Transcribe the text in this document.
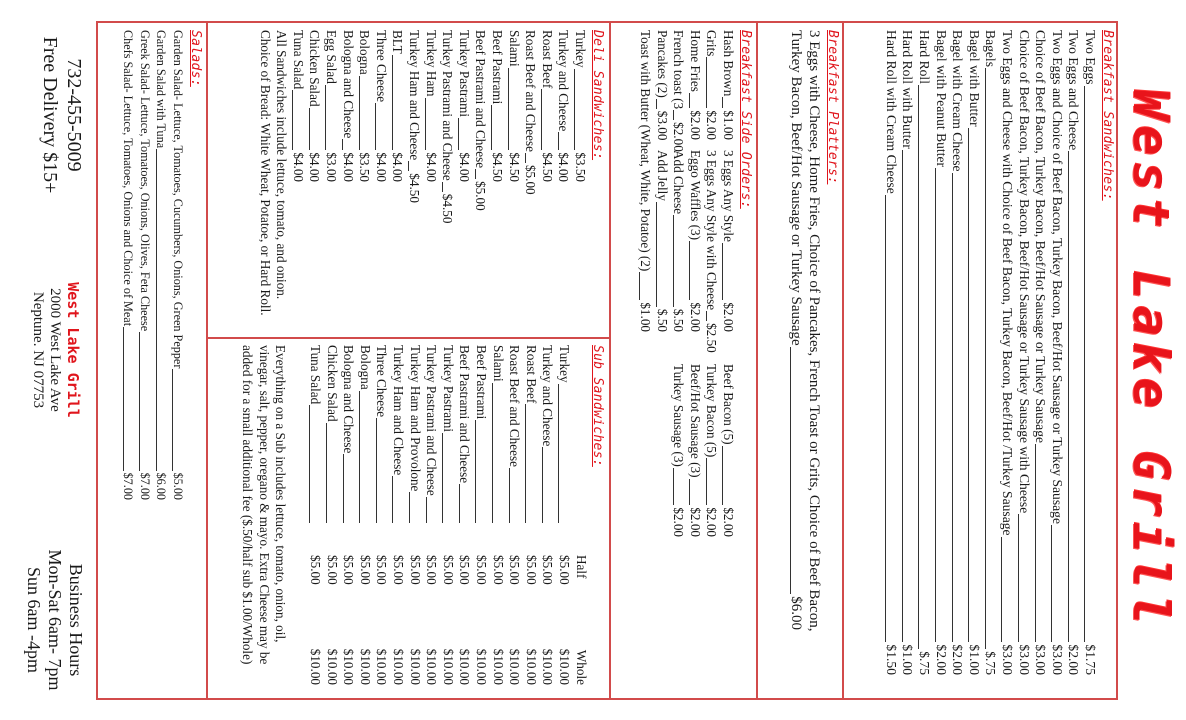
West Lake Grill
Breakfast Sandwiches:
Two Eggs
$1.75
Two Eggs and Cheese
$2.00
Two Eggs and Choice of Beef Bacon, Turkey Bacon, Beef/Hot Sausage or Turkey Sausage
$3.00
Choice of Beef Bacon, Turkey Bacon, Beef/Hot Sausage or Turkey Sausage
$3.00
Choice of Beef Bacon, Turkey Bacon, Beef/Hot Sausage or Turkey Sausage with Cheese
$3.00
Two Eggs and Cheese with Choice of Beef Bacon, Turkey Bacon, Beef/Hot /Turkey Sausage
$3.00
Bagels
$.75
Bagel with Butter
$1.00
Bagel with Cream Cheese
$2.00
Bagel with Peanut Butter
$2.00
Hard Roll
$.75
Hard Roll with Butter
$1.00
Hard Roll with Cream Cheese
$1.50
Breakfast Platters:
3 Eggs with Cheese, Home Fries, Choice of Pancakes, French Toast or Grits, Choice of Beef Bacon,
Turkey Bacon, Beef/Hot Sausage or Turkey Sausage
$6.00
Breakfast Side Orders:
Hash Brown
$1.00
Grits
$2.00
Home Fries
$2.00
French toast (3
$2.00
Pancakes (2)
$3.00
3 Eggs Any Style
$2.00
3 Eggs Any Style with Cheese
$2.50
Eggo Waffles (3)
$2.00
Add Cheese
$.50
Add Jelly
$.50
Beef Bacon (5)
$2.00
Turkey Bacon (5)
$2.00
Beef/Hot Sausage (3)
$2.00
Turkey Sausage (3)
$2.00
Toast with Butter (Wheat, White, Potatoe) (2)
$1.00
Deli Sandwiches:
Turkey
$3.50
Turkey and Cheese
$4.00
Roast Beef
$4.50
Roast Beef and Cheese
$5.00
Salami
$4.50
Beef Pastrami
$4.50
Beef Pastrami and Cheese
$5.00
Turkey Pastrami
$4.00
Turkey Pastrami and Cheese
$4.50
Turkey Ham
$4.00
Turkey Ham and Cheese
$4.50
BLT
$4.00
Three Cheese
$4.00
Bologna
$3.50
Bologna and Cheese
$4.00
Egg Salad
$3.00
Chicken Salad
$4.00
Tuna Salad
$4.00
All Sandwiches include lettuce, tomato, and onion.
Choice of Bread: White Wheat, Potatoe, or Hard Roll.
Sub Sandwiches:
Half
Whole
Turkey
$5.00
$10.00
Turkey and Cheese
$5.00
$10.00
Roast Beef
$5.00
$10.00
Roast Beef and Cheese
$5.00
$10.00
Salami
$5.00
$10.00
Beef Pastrami
$5.00
$10.00
Beef Pastrami and Cheese
$5.00
$10.00
Turkey Pastrami
$5.00
$10.00
Turkey Pastrami and Cheese
$5.00
$10.00
Turkey Ham and Provolone
$5.00
$10.00
Turkey Ham and Cheese
$5.00
$10.00
Three Cheese
$5.00
$10.00
Bologna
$5.00
$10.00
Bologna and Cheese
$5.00
$10.00
Chicken Salad
$5.00
$10.00
Tuna Salad
$5.00
$10.00
Everything on a Sub includes lettuce, tomato, onion, oil, vinegar, salt, pepper, oregano & mayo. Extra Cheese may be added for a small additional fee ($.50/half sub $1.00/Whole)
Salads:
Garden Salad- Lettuce, Tomatoes, Cucumbers, Onions, Green Pepper
$5.00
Garden Salad with Tuna
$6.00
Greek Salad- Lettuce, Tomatoes, Onions, Olives, Feta Cheese
$7.00
Chefs Salad- Lettuce, Tomatoes, Onions and Choice of Meat
$7.00
732-455-5009
Free Delivery $15+
West Lake Grill
2000 West Lake Ave
Neptune. NJ 07753
Business Hours
Mon-Sat 6am- 7pm
Sun 6am -4pm
